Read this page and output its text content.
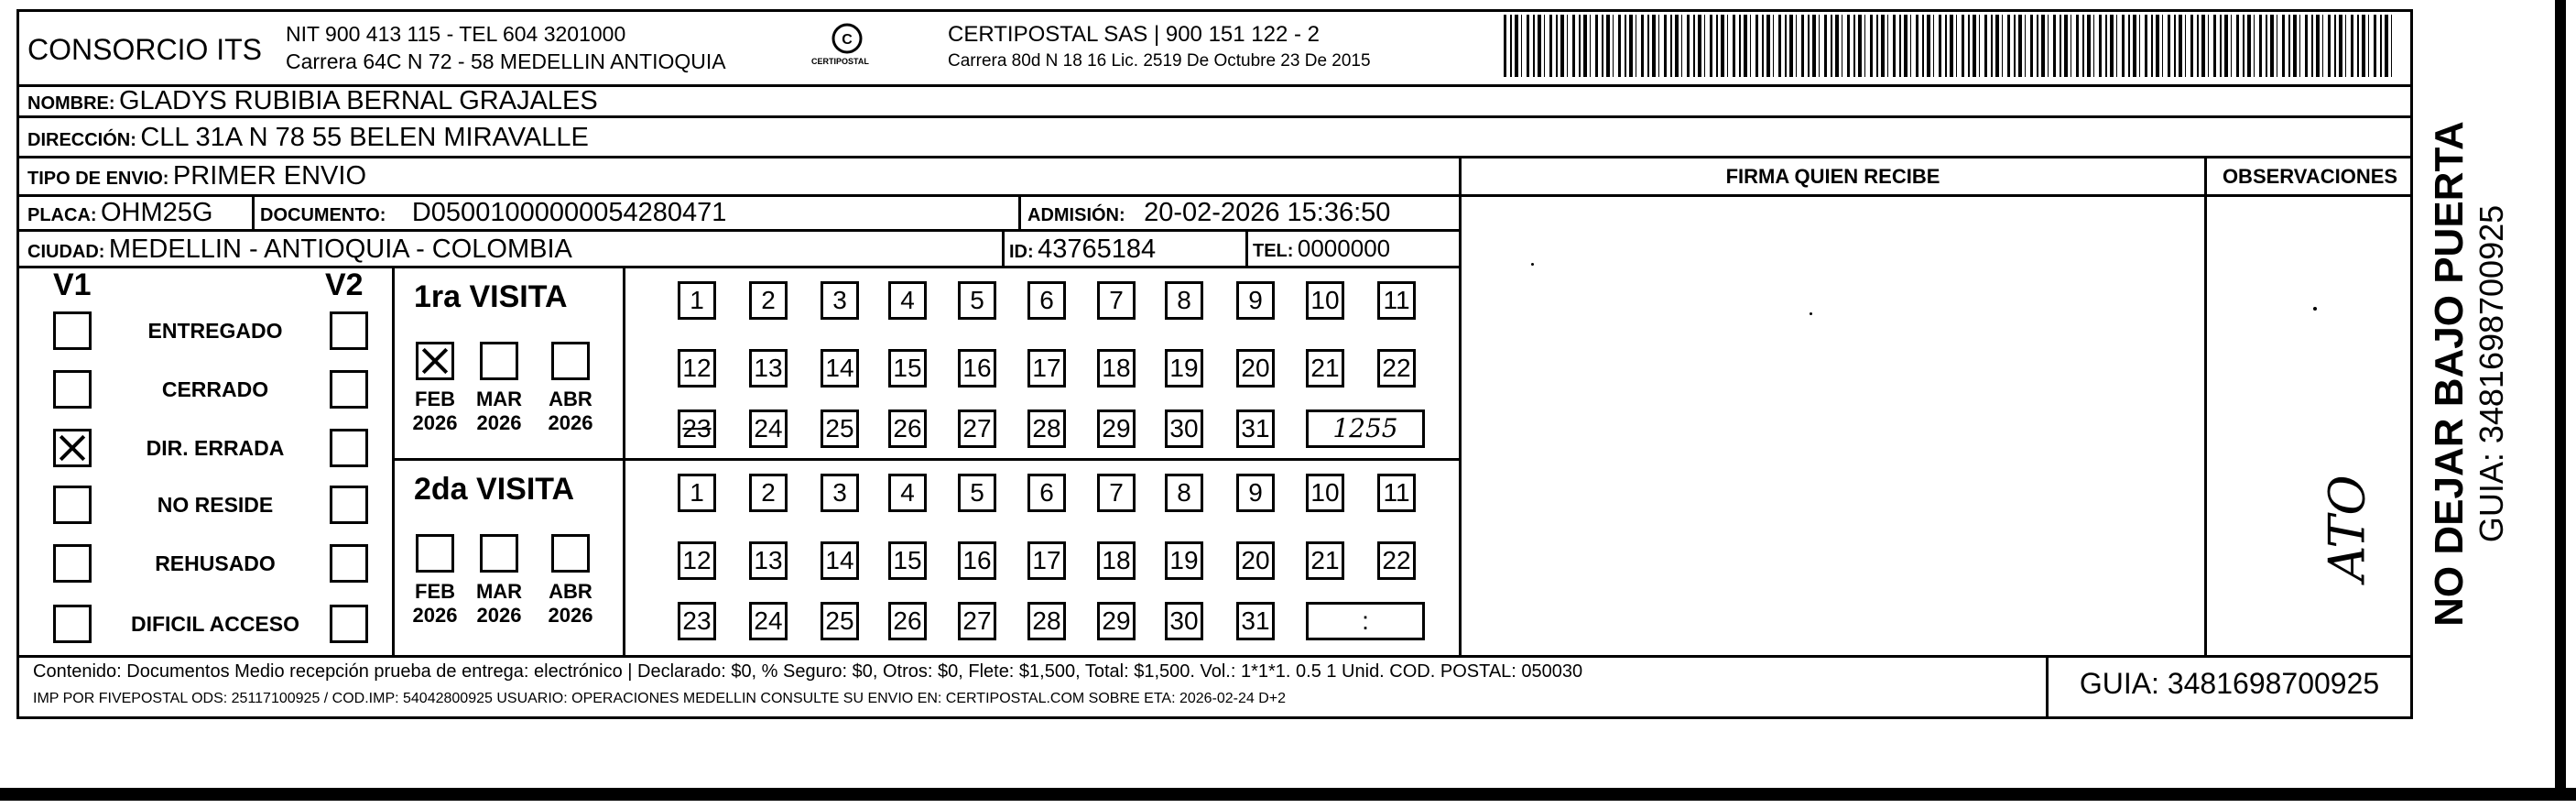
CONSORCIO ITS NIT 900 413 115 - TEL 604 3201000
Carrera 64C N 72 - 58 MEDELLIN ANTIOQUIA
C
CERTIPOSTAL
CERTIPOSTAL SAS | 900 151 122 - 2
Carrera 80d N 18 16 Lic. 2519 De Octubre 23 De 2015
NOMBRE: GLADYS RUBIBIA BERNAL GRAJALES
DIRECCIÓN: CLL 31A N 78 55 BELEN MIRAVALLE
TIPO DE ENVIO: PRIMER ENVIO	FIRMA QUIEN RECIBE	OBSERVACIONES
PLACA: OHM25G	DOCUMENTO: D05001000000054280471	ADMISIÓN: 20-02-2026 15:36:50
CIUDAD: MEDELLIN - ANTIOQUIA - COLOMBIA	ID: 43765184	TEL: 0000000
V1	V2
ENTREGADO
CERRADO
DIR. ERRADA
NO RESIDE
REHUSADO
DIFICIL ACCESO
1ra VISITA
FEB
2026
MAR
2026
ABR
2026
1	2	3	4	5	6	7	8	9	10 11
12 13 14 15 16 17 18 19 20 21 22
23 24 25 26 27 28 29 30 31	1255
2da VISITA
FEB
2026
MAR
2026
ABR
2026
1	2	3	4	5	6	7	8	9	10 11
12 13 14 15 16 17 18 19 20 21 22
23 24 25 26 27 28 29 30 31	:
ATO
Contenido: Documentos Medio recepción prueba de entrega: electrónico | Declarado: $0, % Seguro: $0, Otros: $0, Flete: $1,500, Total: $1,500. Vol.: 1*1*1. 0.5 1 Unid. COD. POSTAL: 050030
IMP POR FIVEPOSTAL ODS: 25117100925 / COD.IMP: 54042800925 USUARIO: OPERACIONES MEDELLIN CONSULTE SU ENVIO EN: CERTIPOSTAL.COM SOBRE ETA: 2026-02-24 D+2	GUIA: 3481698700925
NO DEJAR BAJO PUERTA GUIA: 3481698700925
